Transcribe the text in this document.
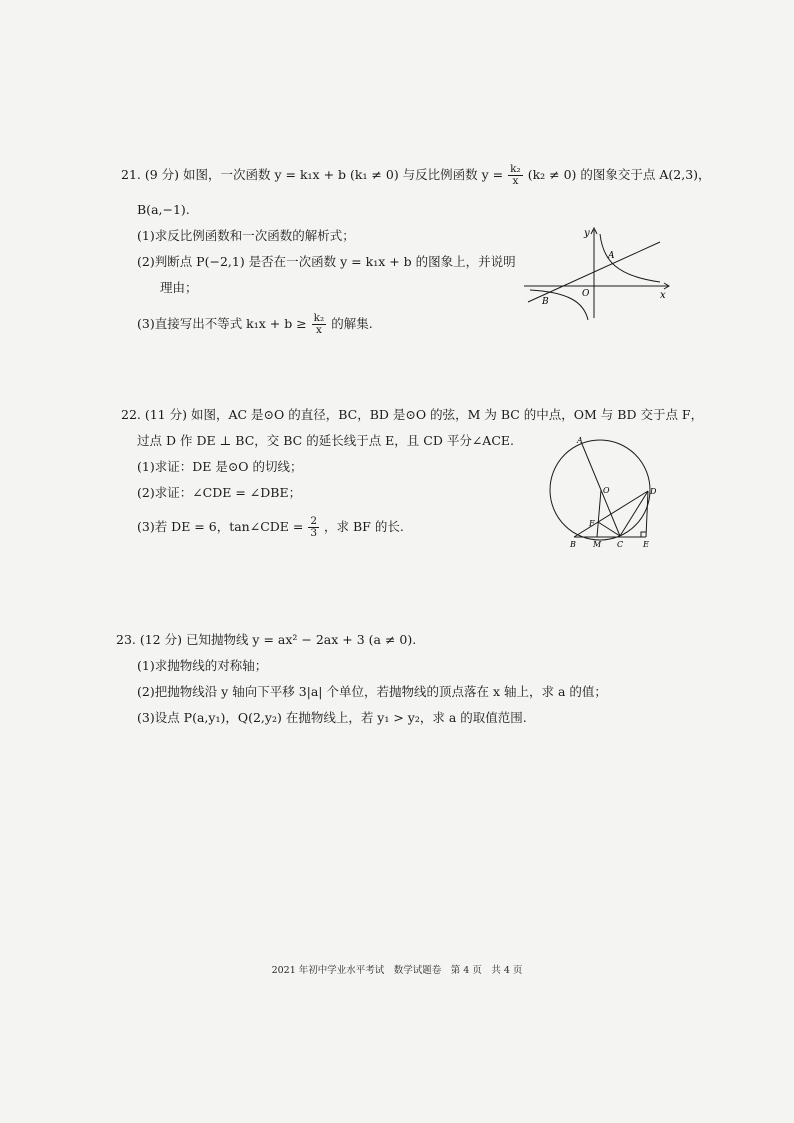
21. (9 分) 如图，一次函数 y = k₁x + b (k₁ ≠ 0) 与反比例函数 $y = \frac{\text{k₂}}{x} (k_2 \ne 0)$ 的图象交于点 A(2,3)，
B(a,−1).
(1)求反比例函数和一次函数的解析式；
(2)判断点 P(−2,1) 是否在一次函数 y = k₁x + b 的图象上，并说明
理由；
(3)直接写出不等式 $k_1x + b \ge \frac{\text{k₂}}{x}$ 的解集.
y
x
O
A
B
22. (11 分) 如图，AC 是⊙O 的直径，BC，BD 是⊙O 的弦，M 为 BC 的中点，OM 与 BD 交于点 F，
过点 D 作 DE ⊥ BC，交 BC 的延长线于点 E，且 CD 平分∠ACE.
(1)求证：DE 是⊙O 的切线；
(2)求证：∠CDE = ∠DBE；
(3)若 DE = 6，tan∠CDE = $\frac{2}{3}$ ，求 BF 的长.
A
O	D
F
B M C E
23. (12 分) 已知抛物线 y = ax² − 2ax + 3 (a ≠ 0).
(1)求抛物线的对称轴；
(2)把抛物线沿 y 轴向下平移 3|a| 个单位，若抛物线的顶点落在 x 轴上，求 a 的值；
(3)设点 P(a,y₁)，Q(2,y₂) 在抛物线上，若 y₁ > y₂，求 a 的取值范围.
2021 年初中学业水平考试　数学试题卷　第 4 页　共 4 页
